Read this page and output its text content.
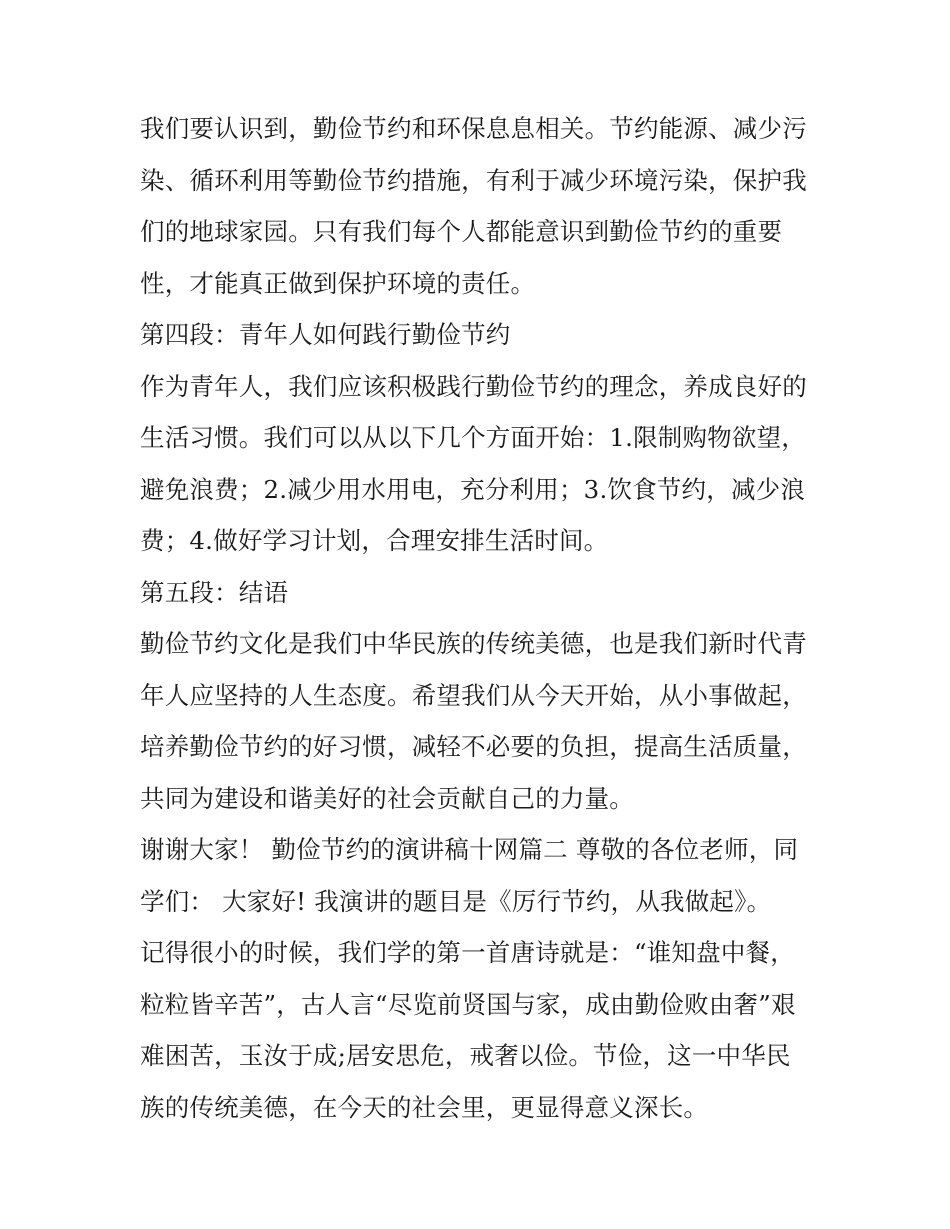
我们要认识到，勤俭节约和环保息息相关。节约能源、减少污
染、循环利用等勤俭节约措施，有利于减少环境污染，保护我
们的地球家园。只有我们每个人都能意识到勤俭节约的重要
性，才能真正做到保护环境的责任。
第四段：青年人如何践行勤俭节约
作为青年人，我们应该积极践行勤俭节约的理念，养成良好的
生活习惯。我们可以从以下几个方面开始：1.限制购物欲望，
避免浪费；2.减少用水用电，充分利用；3.饮食节约，减少浪
费；4.做好学习计划，合理安排生活时间。
第五段：结语
勤俭节约文化是我们中华民族的传统美德，也是我们新时代青
年人应坚持的人生态度。希望我们从今天开始，从小事做起，
培养勤俭节约的好习惯，减轻不必要的负担，提高生活质量，
共同为建设和谐美好的社会贡献自己的力量。
谢谢大家！ 勤俭节约的演讲稿十网篇二 尊敬的各位老师，同
学们： 大家好! 我演讲的题目是《厉行节约，从我做起》。
记得很小的时候，我们学的第一首唐诗就是：“谁知盘中餐，
粒粒皆辛苦”，古人言“尽览前贤国与家，成由勤俭败由奢”艰
难困苦，玉汝于成;居安思危，戒奢以俭。节俭，这一中华民
族的传统美德，在今天的社会里，更显得意义深长。
